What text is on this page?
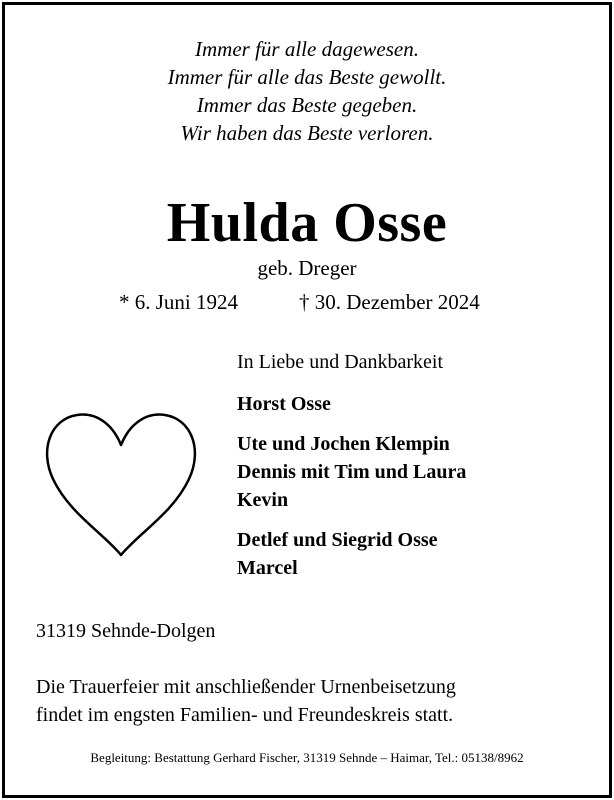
Immer für alle dagewesen.
Immer für alle das Beste gewollt.
Immer das Beste gegeben.
Wir haben das Beste verloren.
Hulda Osse
geb. Dreger
* 6. Juni 1924	† 30. Dezember 2024
In Liebe und Dankbarkeit
Horst Osse
Ute und Jochen Klempin
Dennis mit Tim und Laura
Kevin
Detlef und Siegrid Osse
Marcel
31319 Sehnde-Dolgen
Die Trauerfeier mit anschließender Urnenbeisetzung
findet im engsten Familien- und Freundeskreis statt.
Begleitung: Bestattung Gerhard Fischer, 31319 Sehnde – Haimar, Tel.: 05138/8962
